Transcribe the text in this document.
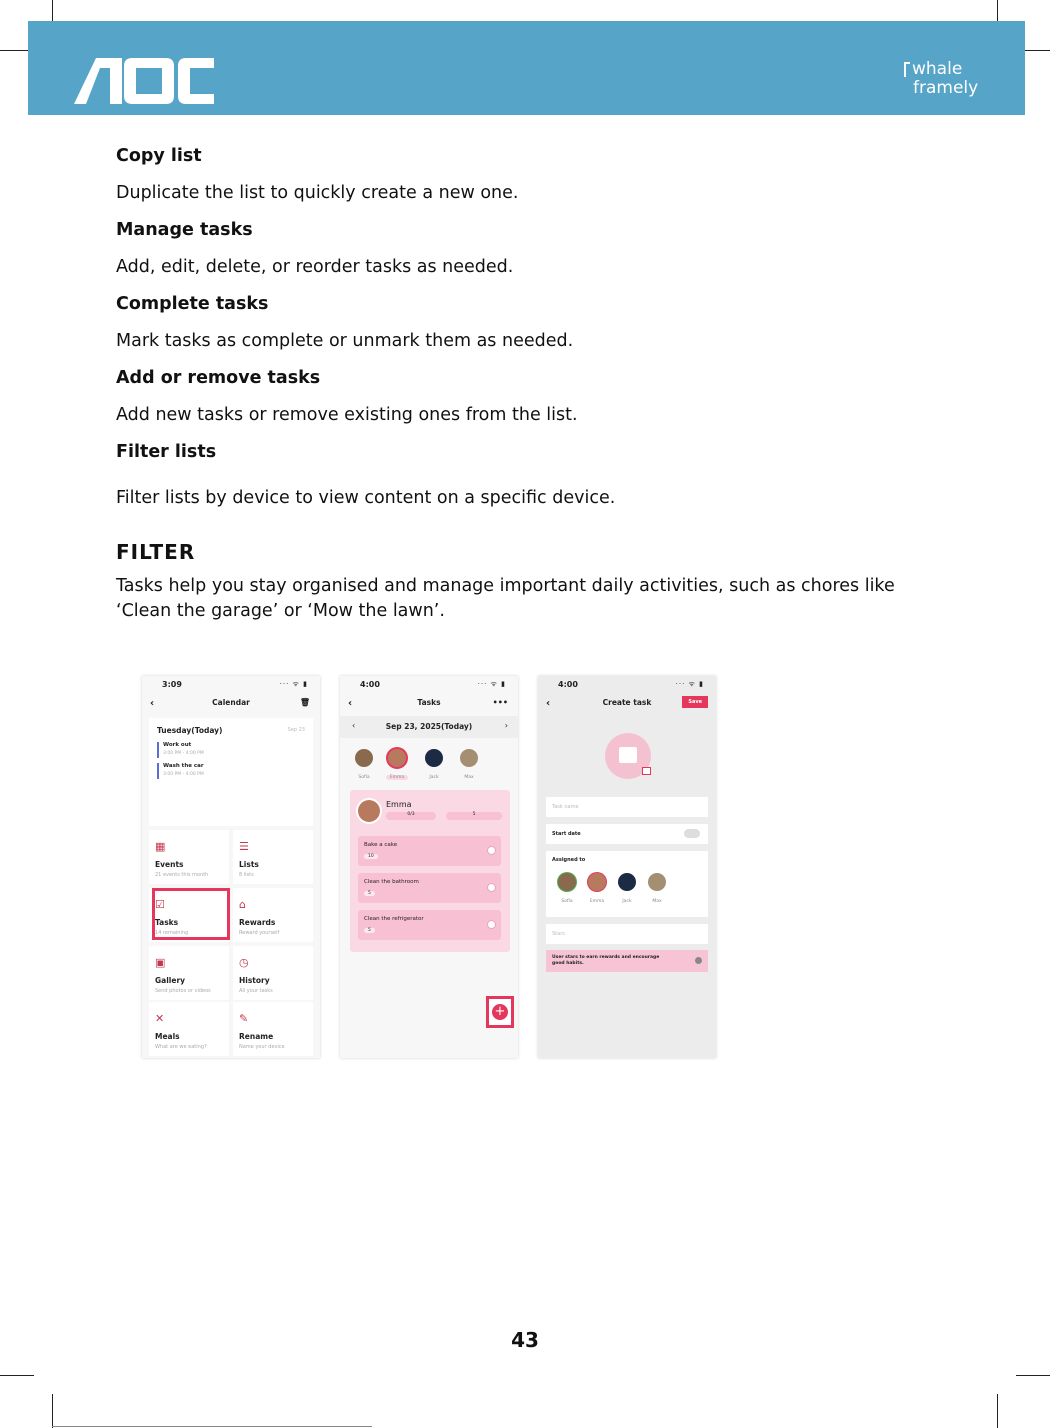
whale
framely
Copy list
Duplicate the list to quickly create a new one.
Manage tasks
Add, edit, delete, or reorder tasks as needed.
Complete tasks
Mark tasks as complete or unmark them as needed.
Add or remove tasks
Add new tasks or remove existing ones from the list.
Filter lists
Filter lists by device to view content on a specific device.
FILTER
Tasks help you stay organised and manage important daily activities, such as chores like ‘Clean the garage’ or ‘Mow the lawn’.
3:09	··· ᯤ ▮
‹	Calendar	🗑
Tuesday(Today)	Sep 23
Work out
3:00 PM - 4:00 PM
Wash the car
3:00 PM - 4:00 PM
▦
Events
21 events this month
☰
Lists
8 lists
☑
Tasks
14 remaining
⌂
Rewards
Reward yourself
▣
Gallery
Send photos or videos
◷
History
All your tasks
✕
Meals
What are we eating?
✎
Rename
Name your device
4:00	··· ᯤ ▮
‹	Tasks	•••
‹	Sep 23, 2025(Today)	›
Sofia	Emma	Jack	Max
Emma
0/3	5
Bake a cake
10
Clean the bathroom
5
Clean the refrigerator
5
+
4:00	··· ᯤ ▮
‹	Create task	Save
Task name
Start date
Assigned to
Sofia	Emma	Jack	Max
Stars
User stars to earn rewards and encourage good habits.
43
